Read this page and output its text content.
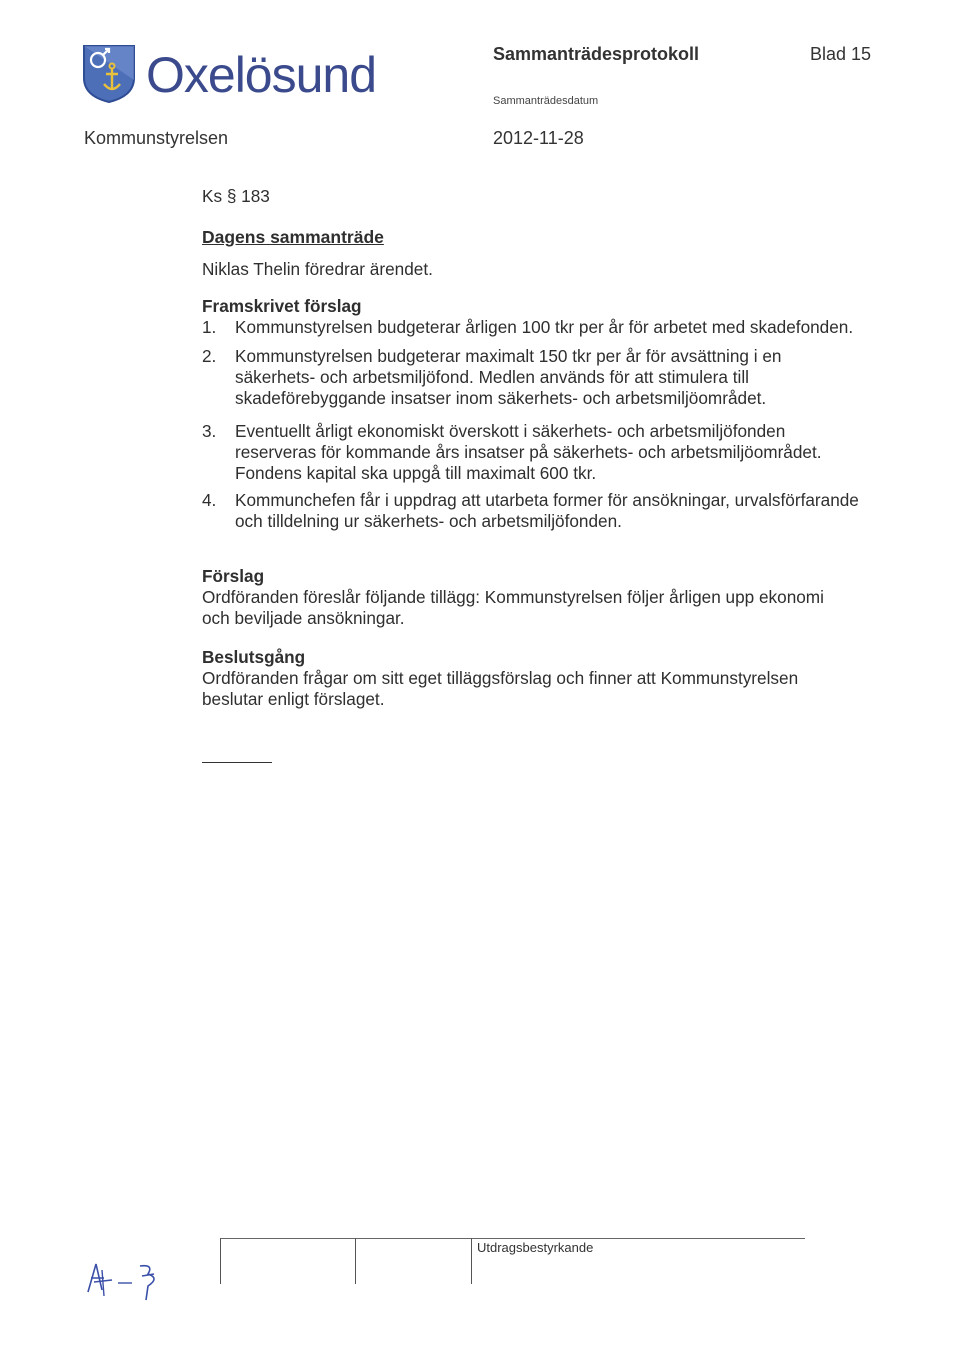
Oxelösund	Sammanträdesprotokoll	Blad 15
Sammanträdesdatum
Kommunstyrelsen	2012-11-28

Ks § 183

Dagens sammanträde

Niklas Thelin föredrar ärendet.

Framskrivet förslag

1.	Kommunstyrelsen budgeterar årligen 100 tkr per år för arbetet med skadefonden.
2.	Kommunstyrelsen budgeterar maximalt 150 tkr per år för avsättning i en
säkerhets- och arbetsmiljöfond. Medlen används för att stimulera till
skadeförebyggande insatser inom säkerhets- och arbetsmiljöområdet.
3.	Eventuellt årligt ekonomiskt överskott i säkerhets- och arbetsmiljöfonden
reserveras för kommande års insatser på säkerhets- och arbetsmiljöområdet.
Fondens kapital ska uppgå till maximalt 600 tkr.
4.	Kommunchefen får i uppdrag att utarbeta former för ansökningar, urvalsförfarande
och tilldelning ur säkerhets- och arbetsmiljöfonden.

Förslag

Ordföranden föreslår följande tillägg: Kommunstyrelsen följer årligen upp ekonomi

och beviljade ansökningar.

Beslutsgång

Ordföranden frågar om sitt eget tilläggsförslag och finner att Kommunstyrelsen

beslutar enligt förslaget.

Utdragsbestyrkande
